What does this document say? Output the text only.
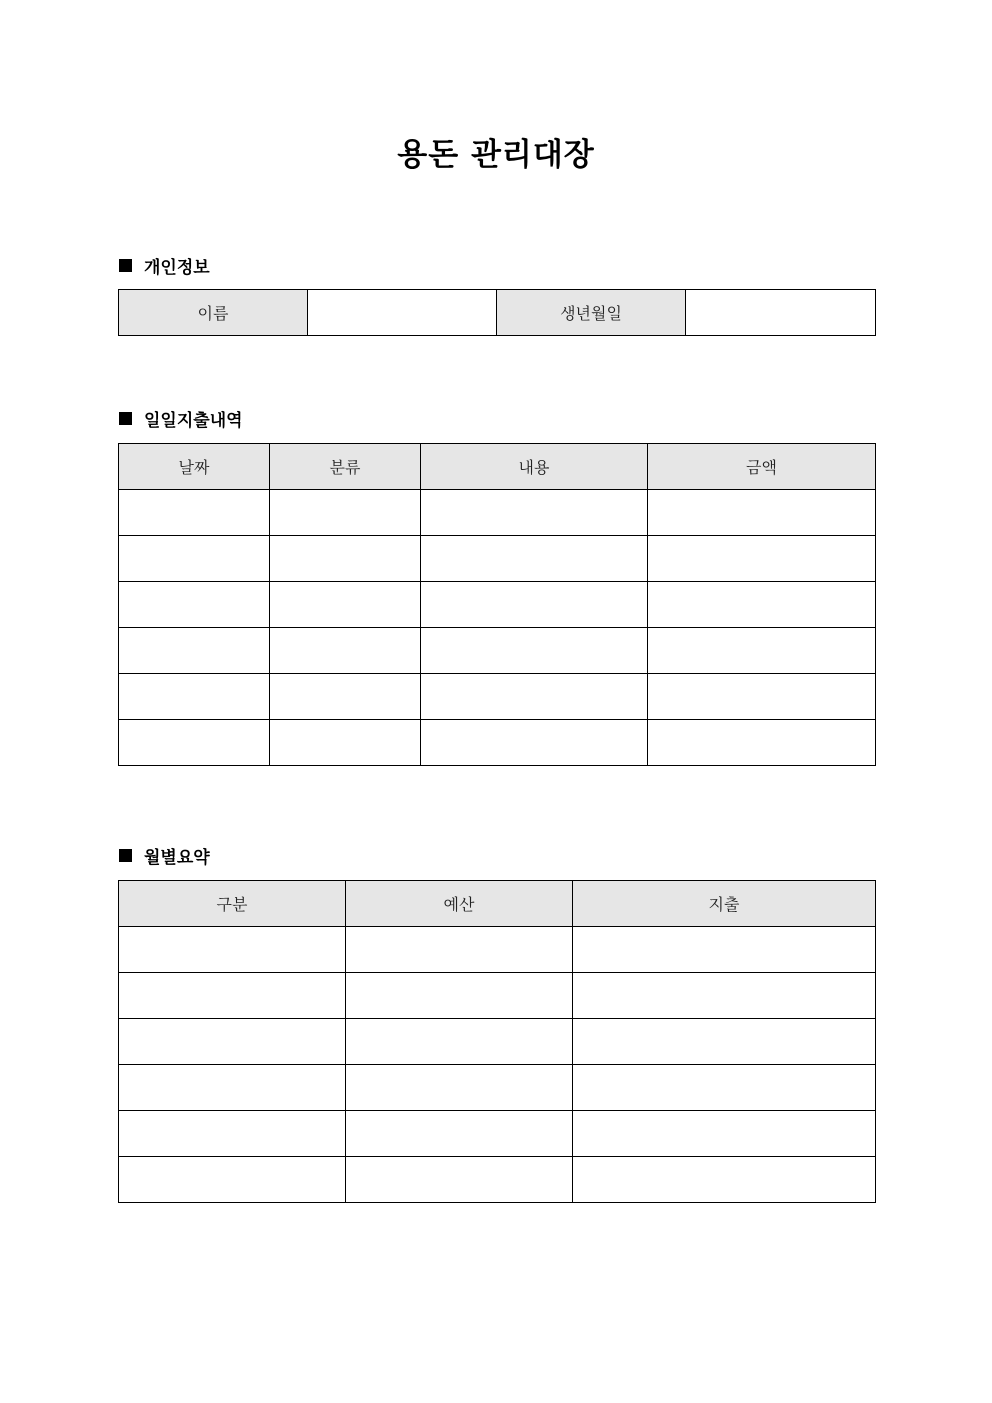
용돈 관리대장
개인정보
이름		생년월일	
일일지출내역
날짜	분류	내용	금액

월별요약
구분	예산	지출
